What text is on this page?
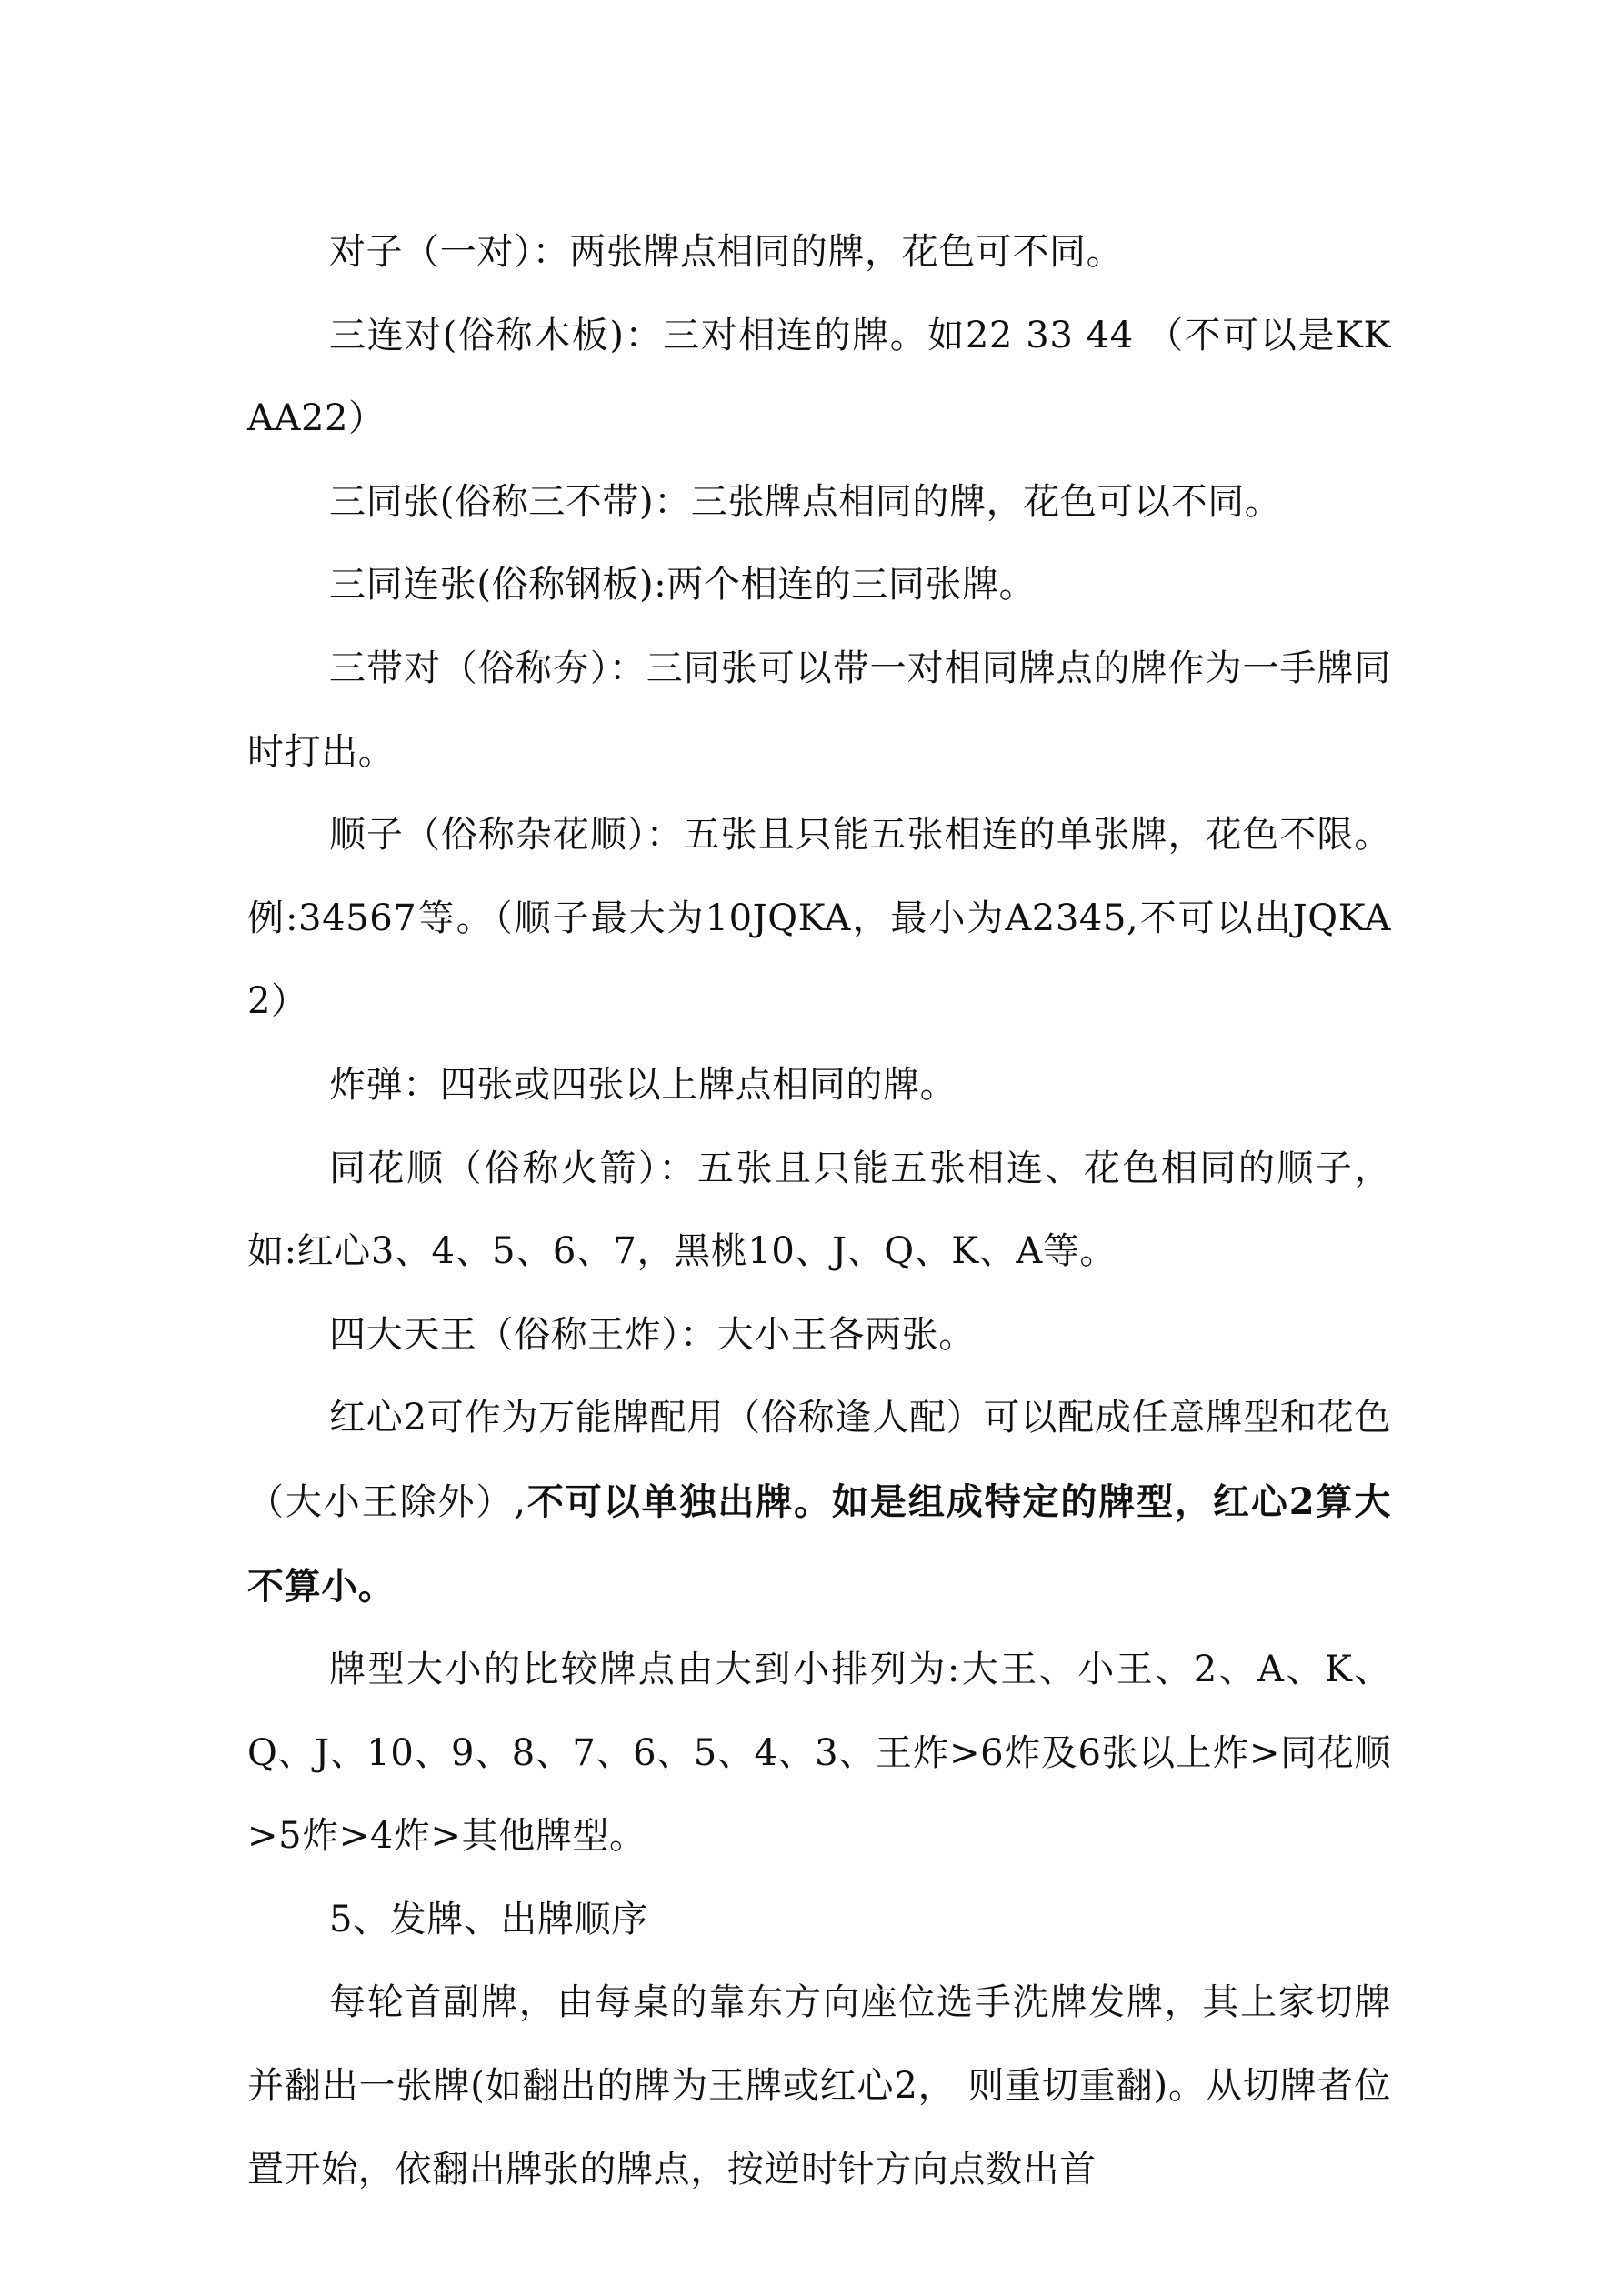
对子（一对）：两张牌点相同的牌，花色可不同。

三连对(俗称木板)：三对相连的牌。如22 33 44 （不可以是KKAA22）

三同张(俗称三不带)：三张牌点相同的牌，花色可以不同。

三同连张(俗称钢板):两个相连的三同张牌。

三带对（俗称夯）：三同张可以带一对相同牌点的牌作为一手牌同时打出。

顺子（俗称杂花顺）：五张且只能五张相连的单张牌，花色不限。例:34567等。（顺子最大为10JQKA，最小为A2345,不可以出JQKA2）

炸弹：四张或四张以上牌点相同的牌。

同花顺（俗称火箭）：五张且只能五张相连、花色相同的顺子，如:红心3、4、5、6、7，黑桃10、J、Q、K、A等。

四大天王（俗称王炸）：大小王各两张。

红心2可作为万能牌配用（俗称逢人配）可以配成任意牌型和花色（大小王除外）,不可以单独出牌。如是组成特定的牌型，红心2算大不算小。

牌型大小的比较牌点由大到小排列为:大王、小王、2、A、K、Q、J、10、9、8、7、6、5、4、3、王炸>6炸及6张以上炸>同花顺>5炸>4炸>其他牌型。

5、发牌、出牌顺序

每轮首副牌，由每桌的靠东方向座位选手洗牌发牌，其上家切牌并翻出一张牌(如翻出的牌为王牌或红心2， 则重切重翻)。从切牌者位置开始，依翻出牌张的牌点，按逆时针方向点数出首
